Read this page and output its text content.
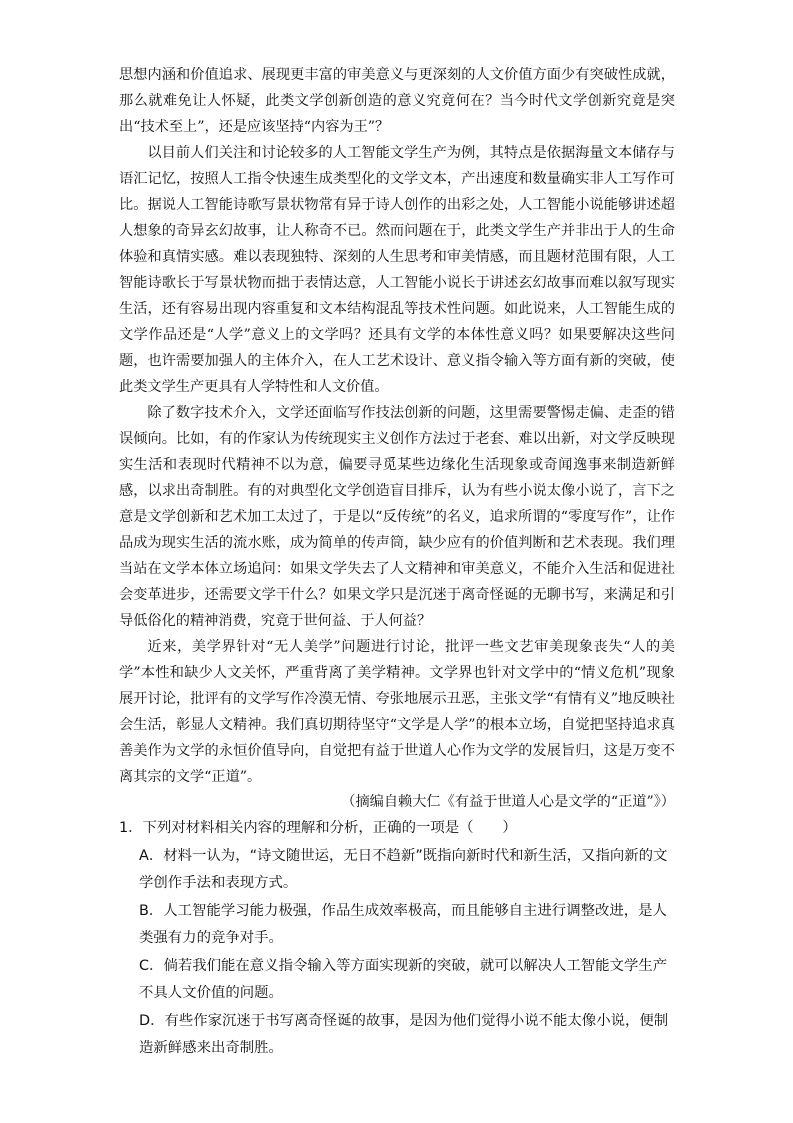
思想内涵和价值追求、展现更丰富的审美意义与更深刻的人文价值方面少有突破性成就，那么就难免让人怀疑，此类文学创新创造的意义究竟何在？当今时代文学创新究竟是突出“技术至上”，还是应该坚持“内容为王”？

以目前人们关注和讨论较多的人工智能文学生产为例，其特点是依据海量文本储存与语汇记忆，按照人工指令快速生成类型化的文学文本，产出速度和数量确实非人工写作可比。据说人工智能诗歌写景状物常有异于诗人创作的出彩之处，人工智能小说能够讲述超人想象的奇异玄幻故事，让人称奇不已。然而问题在于，此类文学生产并非出于人的生命体验和真情实感。难以表现独特、深刻的人生思考和审美情感，而且题材范围有限，人工智能诗歌长于写景状物而拙于表情达意，人工智能小说长于讲述玄幻故事而难以叙写现实生活，还有容易出现内容重复和文本结构混乱等技术性问题。如此说来，人工智能生成的文学作品还是“人学”意义上的文学吗？还具有文学的本体性意义吗？如果要解决这些问题，也许需要加强人的主体介入，在人工艺术设计、意义指令输入等方面有新的突破，使此类文学生产更具有人学特性和人文价值。

除了数字技术介入，文学还面临写作技法创新的问题，这里需要警惕走偏、走歪的错误倾向。比如，有的作家认为传统现实主义创作方法过于老套、难以出新，对文学反映现实生活和表现时代精神不以为意，偏要寻觅某些边缘化生活现象或奇闻逸事来制造新鲜感，以求出奇制胜。有的对典型化文学创造盲目排斥，认为有些小说太像小说了，言下之意是文学创新和艺术加工太过了，于是以“反传统”的名义，追求所谓的“零度写作”，让作品成为现实生活的流水账，成为简单的传声筒，缺少应有的价值判断和艺术表现。我们理当站在文学本体立场追问：如果文学失去了人文精神和审美意义，不能介入生活和促进社会变革进步，还需要文学干什么？如果文学只是沉迷于离奇怪诞的无聊书写，来满足和引导低俗化的精神消费，究竟于世何益、于人何益？

近来，美学界针对“无人美学”问题进行讨论，批评一些文艺审美现象丧失“人的美学”本性和缺少人文关怀，严重背离了美学精神。文学界也针对文学中的“情义危机”现象展开讨论，批评有的文学写作冷漠无情、夸张地展示丑恶，主张文学“有情有义”地反映社会生活，彰显人文精神。我们真切期待坚守“文学是人学”的根本立场，自觉把坚持追求真善美作为文学的永恒价值导向，自觉把有益于世道人心作为文学的发展旨归，这是万变不离其宗的文学“正道”。

（摘编自赖大仁《有益于世道人心是文学的“正道”》）

1．下列对材料相关内容的理解和分析，正确的一项是（　　）

A．材料一认为，“诗文随世运，无日不趋新”既指向新时代和新生活，又指向新的文学创作手法和表现方式。

B．人工智能学习能力极强，作品生成效率极高，而且能够自主进行调整改进，是人类强有力的竞争对手。

C．倘若我们能在意义指令输入等方面实现新的突破，就可以解决人工智能文学生产不具人文价值的问题。

D．有些作家沉迷于书写离奇怪诞的故事，是因为他们觉得小说不能太像小说，便制造新鲜感来出奇制胜。
